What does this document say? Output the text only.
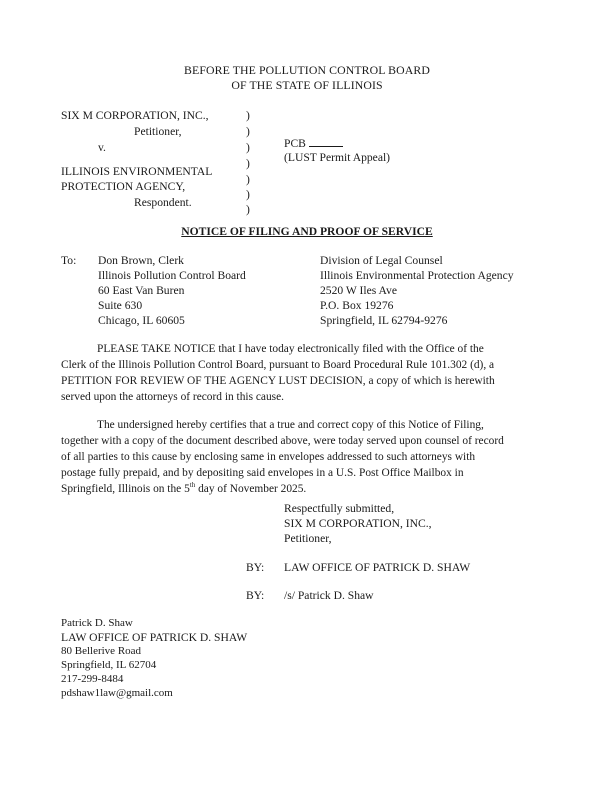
BEFORE THE POLLUTION CONTROL BOARD
OF THE STATE OF ILLINOIS
SIX M CORPORATION, INC.,
Petitioner,
v.
ILLINOIS ENVIRONMENTAL
PROTECTION AGENCY,
Respondent.
)
)
)
)
)
)
)
PCB
(LUST Permit Appeal)
NOTICE OF FILING AND PROOF OF SERVICE
To: Don Brown, Clerk
Illinois Pollution Control Board
60 East Van Buren
Suite 630
Chicago, IL 60605
Division of Legal Counsel
Illinois Environmental Protection Agency
2520 W Iles Ave
P.O. Box 19276
Springfield, IL 62794-9276
PLEASE TAKE NOTICE that I have today electronically filed with the Office of the
Clerk of the Illinois Pollution Control Board, pursuant to Board Procedural Rule 101.302 (d), a
PETITION FOR REVIEW OF THE AGENCY LUST DECISION, a copy of which is herewith
served upon the attorneys of record in this cause.
The undersigned hereby certifies that a true and correct copy of this Notice of Filing,
together with a copy of the document described above, were today served upon counsel of record
of all parties to this cause by enclosing same in envelopes addressed to such attorneys with
postage fully prepaid, and by depositing said envelopes in a U.S. Post Office Mailbox in
Springfield, Illinois on the 5th day of November 2025.
Respectfully submitted,
SIX M CORPORATION, INC.,
Petitioner,
BY: LAW OFFICE OF PATRICK D. SHAW
BY: /s/ Patrick D. Shaw
Patrick D. Shaw
LAW OFFICE OF PATRICK D. SHAW
80 Bellerive Road
Springfield, IL 62704
217-299-8484
pdshaw1law@gmail.com
